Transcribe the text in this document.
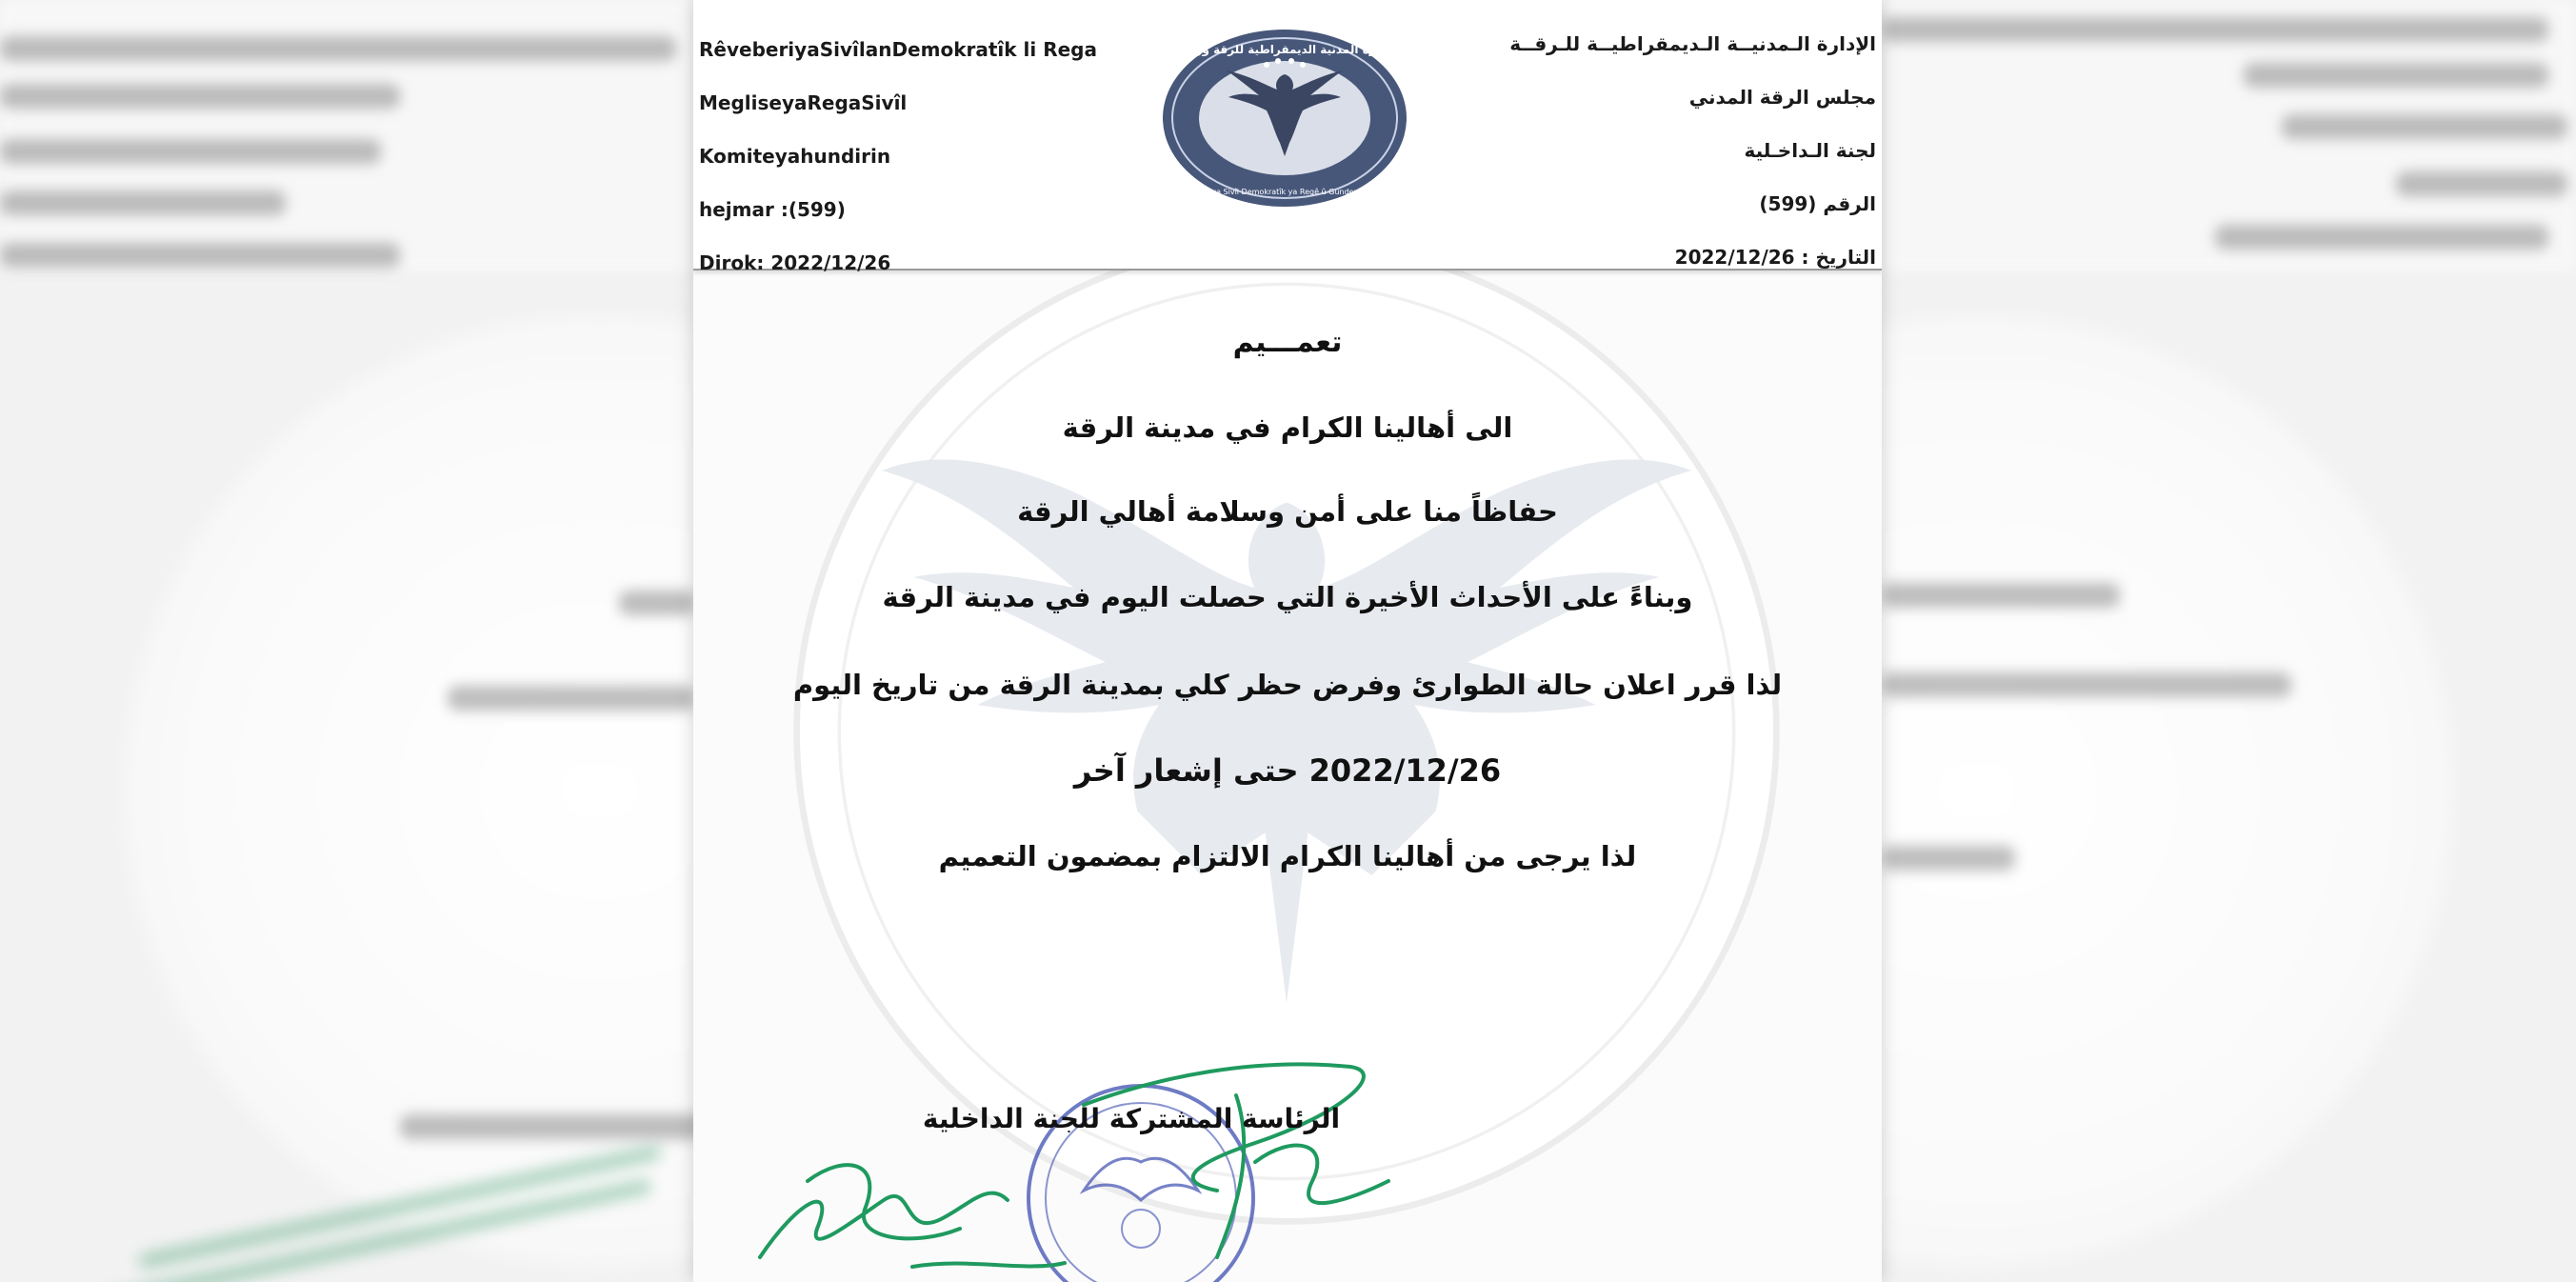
RêveberiyaSivîlanDemokratîk li Rega
MegliseyaRegaSivîl
Komiteyahundirin
hejmar :(599)
Dirok: 2022/12/26
الإدارة المدنية الديمقراطية للرقة وريفها
Rêveberiya Sivîl Demokratîk ya Regê û Gundewarên Wê
الإدارة الـمدنيــة الـديمقراطيــة للـرقــة
مجلس الرقة المدني
لجنة الـداخـلية
الرقم (599)
التاريخ : 2022/12/26
تعمـــيم
الى أهالينا الكرام في مدينة الرقة
حفاظاً منا على أمن وسلامة أهالي الرقة
وبناءً على الأحداث الأخيرة التي حصلت اليوم في مدينة الرقة
لذا قرر اعلان حالة الطوارئ وفرض حظر كلي بمدينة الرقة من تاريخ اليوم
2022/12/26 حتى إشعار آخر
لذا يرجى من أهالينا الكرام الالتزام بمضمون التعميم
الرئاسة المشتركة للجنة الداخلية
